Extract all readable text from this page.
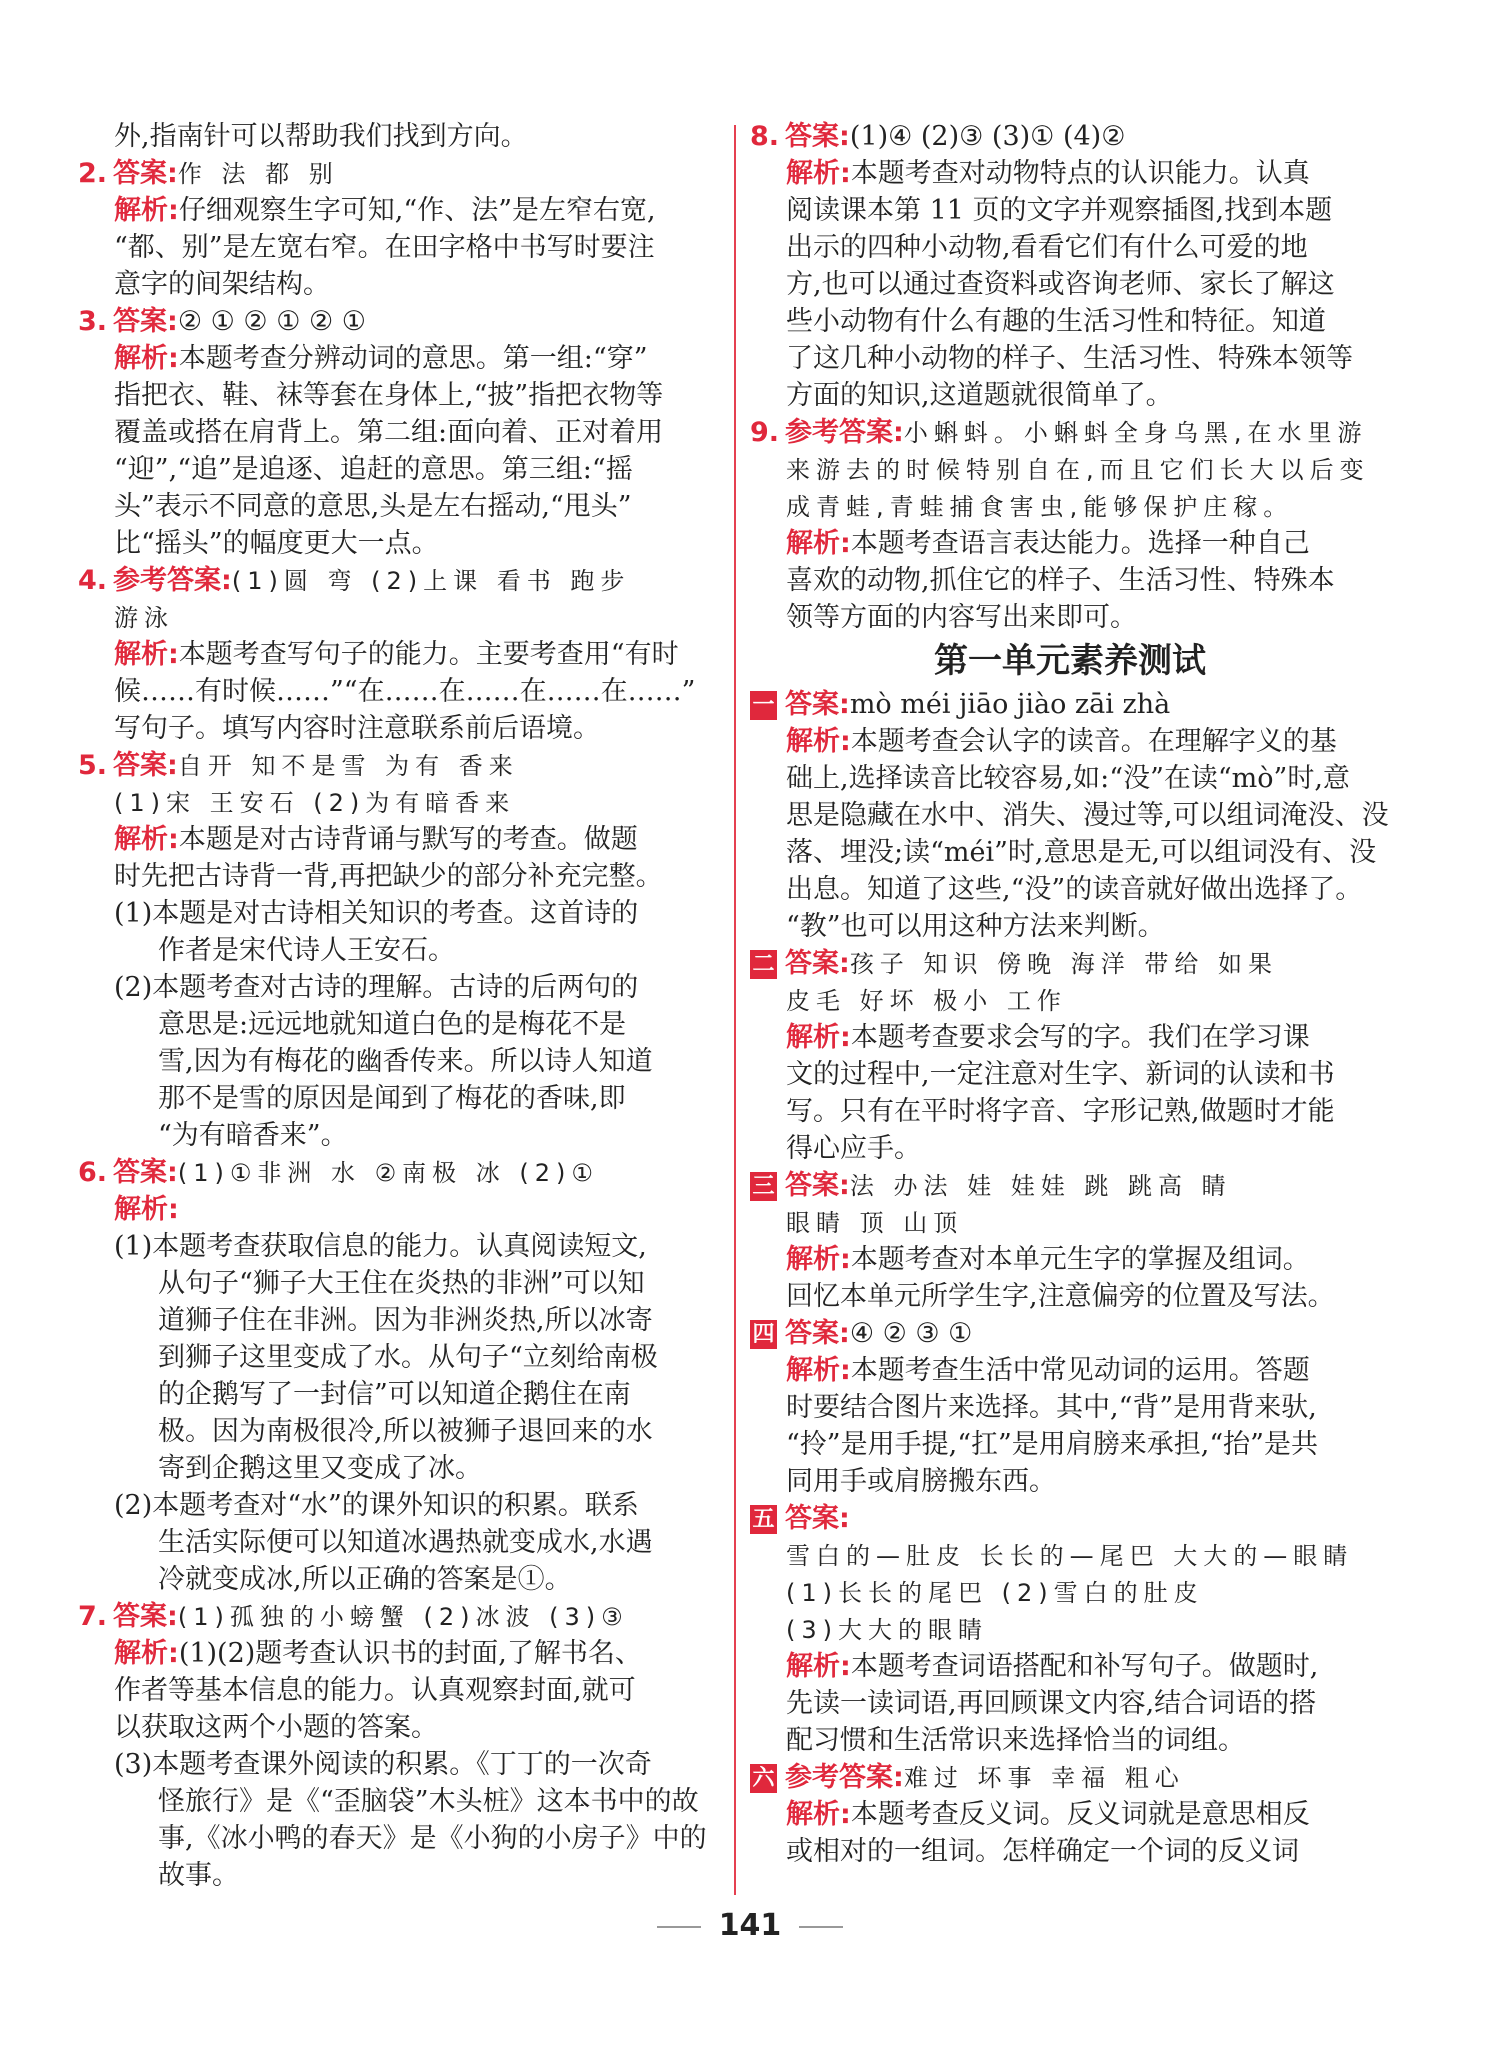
外,指南针可以帮助我们找到方向。
2. 答案:作 法 都 别
解析:仔细观察生字可知,“作、法”是左窄右宽,
“都、别”是左宽右窄。在田字格中书写时要注
意字的间架结构。
3. 答案:② ① ② ① ② ①
解析:本题考查分辨动词的意思。第一组:“穿”
指把衣、鞋、袜等套在身体上,“披”指把衣物等
覆盖或搭在肩背上。第二组:面向着、正对着用
“迎”,“追”是追逐、追赶的意思。第三组:“摇
头”表示不同意的意思,头是左右摇动,“甩头”
比“摇头”的幅度更大一点。
4. 参考答案:(1)圆 弯 (2)上课 看书 跑步
游泳
解析:本题考查写句子的能力。主要考查用“有时
候……有时候……”“在……在……在……在……”
写句子。填写内容时注意联系前后语境。
5. 答案:自开 知不是雪 为有 香来
(1)宋 王安石 (2)为有暗香来
解析:本题是对古诗背诵与默写的考查。做题
时先把古诗背一背,再把缺少的部分补充完整。
(1)本题是对古诗相关知识的考查。这首诗的
作者是宋代诗人王安石。
(2)本题考查对古诗的理解。古诗的后两句的
意思是:远远地就知道白色的是梅花不是
雪,因为有梅花的幽香传来。所以诗人知道
那不是雪的原因是闻到了梅花的香味,即
“为有暗香来”。
6. 答案:(1)①非洲 水 ②南极 冰 (2)①
解析:
(1)本题考查获取信息的能力。认真阅读短文,
从句子“狮子大王住在炎热的非洲”可以知
道狮子住在非洲。因为非洲炎热,所以冰寄
到狮子这里变成了水。从句子“立刻给南极
的企鹅写了一封信”可以知道企鹅住在南
极。因为南极很冷,所以被狮子退回来的水
寄到企鹅这里又变成了冰。
(2)本题考查对“水”的课外知识的积累。联系
生活实际便可以知道冰遇热就变成水,水遇
冷就变成冰,所以正确的答案是①。
7. 答案:(1)孤独的小螃蟹 (2)冰波 (3)③
解析:(1)(2)题考查认识书的封面,了解书名、
作者等基本信息的能力。认真观察封面,就可
以获取这两个小题的答案。
(3)本题考查课外阅读的积累。《丁丁的一次奇
怪旅行》是《“歪脑袋”木头桩》这本书中的故
事,《冰小鸭的春天》是《小狗的小房子》中的
故事。
8. 答案:(1)④ (2)③ (3)① (4)②
解析:本题考查对动物特点的认识能力。认真
阅读课本第 11 页的文字并观察插图,找到本题
出示的四种小动物,看看它们有什么可爱的地
方,也可以通过查资料或咨询老师、家长了解这
些小动物有什么有趣的生活习性和特征。知道
了这几种小动物的样子、生活习性、特殊本领等
方面的知识,这道题就很简单了。
9. 参考答案:小蝌蚪。小蝌蚪全身乌黑,在水里游
来游去的时候特别自在,而且它们长大以后变
成青蛙,青蛙捕食害虫,能够保护庄稼。
解析:本题考查语言表达能力。选择一种自己
喜欢的动物,抓住它的样子、生活习性、特殊本
领等方面的内容写出来即可。
第一单元素养测试
一 答案:mò méi jiāo jiào zāi zhà
解析:本题考查会认字的读音。在理解字义的基
础上,选择读音比较容易,如:“没”在读“mò”时,意
思是隐藏在水中、消失、漫过等,可以组词淹没、没
落、埋没;读“méi”时,意思是无,可以组词没有、没
出息。知道了这些,“没”的读音就好做出选择了。
“教”也可以用这种方法来判断。
二 答案:孩子 知识 傍晚 海洋 带给 如果
皮毛 好坏 极小 工作
解析:本题考查要求会写的字。我们在学习课
文的过程中,一定注意对生字、新词的认读和书
写。只有在平时将字音、字形记熟,做题时才能
得心应手。
三 答案:法 办法 娃 娃娃 跳 跳高 睛
眼睛 顶 山顶
解析:本题考查对本单元生字的掌握及组词。
回忆本单元所学生字,注意偏旁的位置及写法。
四 答案:④ ② ③ ①
解析:本题考查生活中常见动词的运用。答题
时要结合图片来选择。其中,“背”是用背来驮,
“拎”是用手提,“扛”是用肩膀来承担,“抬”是共
同用手或肩膀搬东西。
五 答案:
雪白的—肚皮 长长的—尾巴 大大的—眼睛
(1)长长的尾巴 (2)雪白的肚皮
(3)大大的眼睛
解析:本题考查词语搭配和补写句子。做题时,
先读一读词语,再回顾课文内容,结合词语的搭
配习惯和生活常识来选择恰当的词组。
六 参考答案:难过 坏事 幸福 粗心
解析:本题考查反义词。反义词就是意思相反
或相对的一组词。怎样确定一个词的反义词
141
